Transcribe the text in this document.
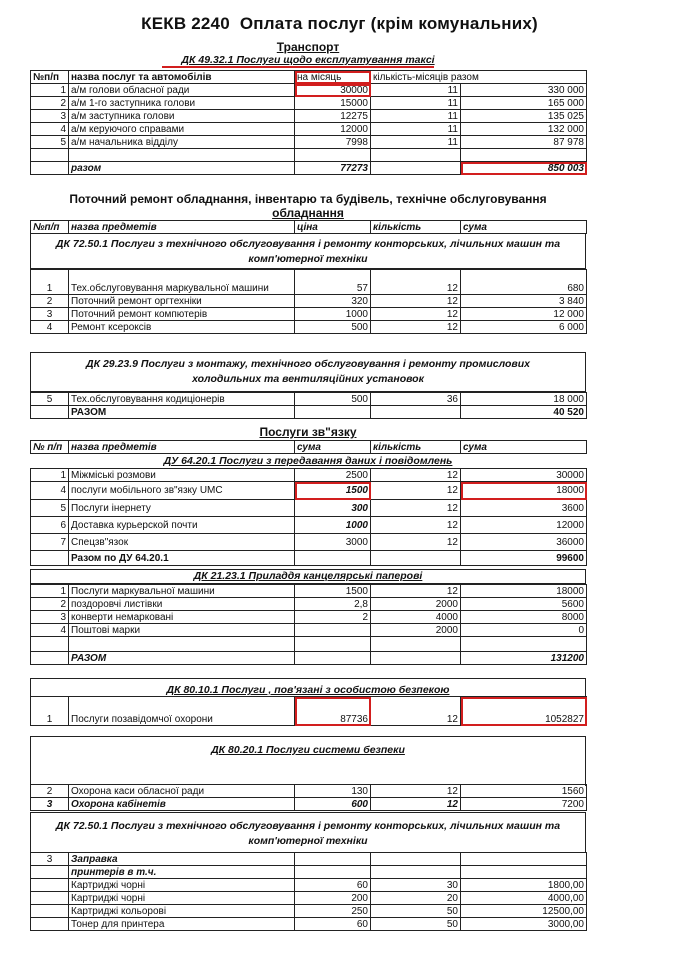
КЕКВ 2240 Оплата послуг (крім комунальних)
Транспорт
ДК 49.32.1 Послуги щодо експлуатування таксі
№п/п	назва послуг та автомобілів	на місяць	кількість-місяців разом	
1	а/м голови обласної ради	30000	11	330 000
2	а/м 1-го заступника голови	15000	11	165 000
3	а/м заступника голови	12275	11	135 025
4	а/м керуючого справами	12000	11	132 000
5	а/м начальника відділу	7998	11	87 978

	разом	77273		850 003
Поточний ремонт обладнання, інвентарю та будівель, технічне обслуговування
обладнання
№п/п	назва предметів	ціна	кількість	сума
ДК 72.50.1 Послуги з технічного обслуговування і ремонту конторських, лічильних машин та
комп'ютерної техніки
1	Тех.обслуговування маркувальної машини	57	12	680
2	Поточний ремонт оргтехніки	320	12	3 840
3	Поточний ремонт компютерів	1000	12	12 000
4	Ремонт ксероксів	500	12	6 000
ДК 29.23.9 Послуги з монтажу, технічного обслуговування і ремонту промислових
холодильних та вентиляційних установок
5	Тех.обслуговування кодиціонерів	500	36	18 000
	РАЗОМ			40 520
Послуги зв"язку
№ п/п	назва предметів	сума	кількість	сума
ДУ 64.20.1 Послуги з передавання даних і повідомлень
1	Міжміські розмови	2500	12	30000
4	послуги мобільного зв"язку UMC	1500	12	18000
5	Послуги інернету	300	12	3600
6	Доставка курьерской почти	1000	12	12000
7	Спецзв"язок	3000	12	36000
	Разом по ДУ 64.20.1			99600
ДК 21.23.1 Приладдя канцелярські паперові
1	Послуги маркувальної машини	1500	12	18000
2	поздоровчі листівки	2,8	2000	5600
3	конверти немарковані	2	4000	8000
4	Поштові марки		2000	0

	РАЗОМ			131200
ДК 80.10.1 Послуги , пов'язані з особистою безпекою
1	Послуги позавідомчої охорони	87736	12	1052827
ДК 80.20.1 Послуги системи безпеки
2	Охорона каси обласної ради	130	12	1560
3	Охорона кабінетів	600	12	7200
ДК 72.50.1 Послуги з технічного обслуговування і ремонту конторських, лічильних машин та
комп'ютерної техніки
3	Заправка			
	принтерів в т.ч.			
	Картриджі чорні	60	30	1800,00
	Картриджі чорні	200	20	4000,00
	Картриджі кольорові	250	50	12500,00
	Тонер для принтера	60	50	3000,00
